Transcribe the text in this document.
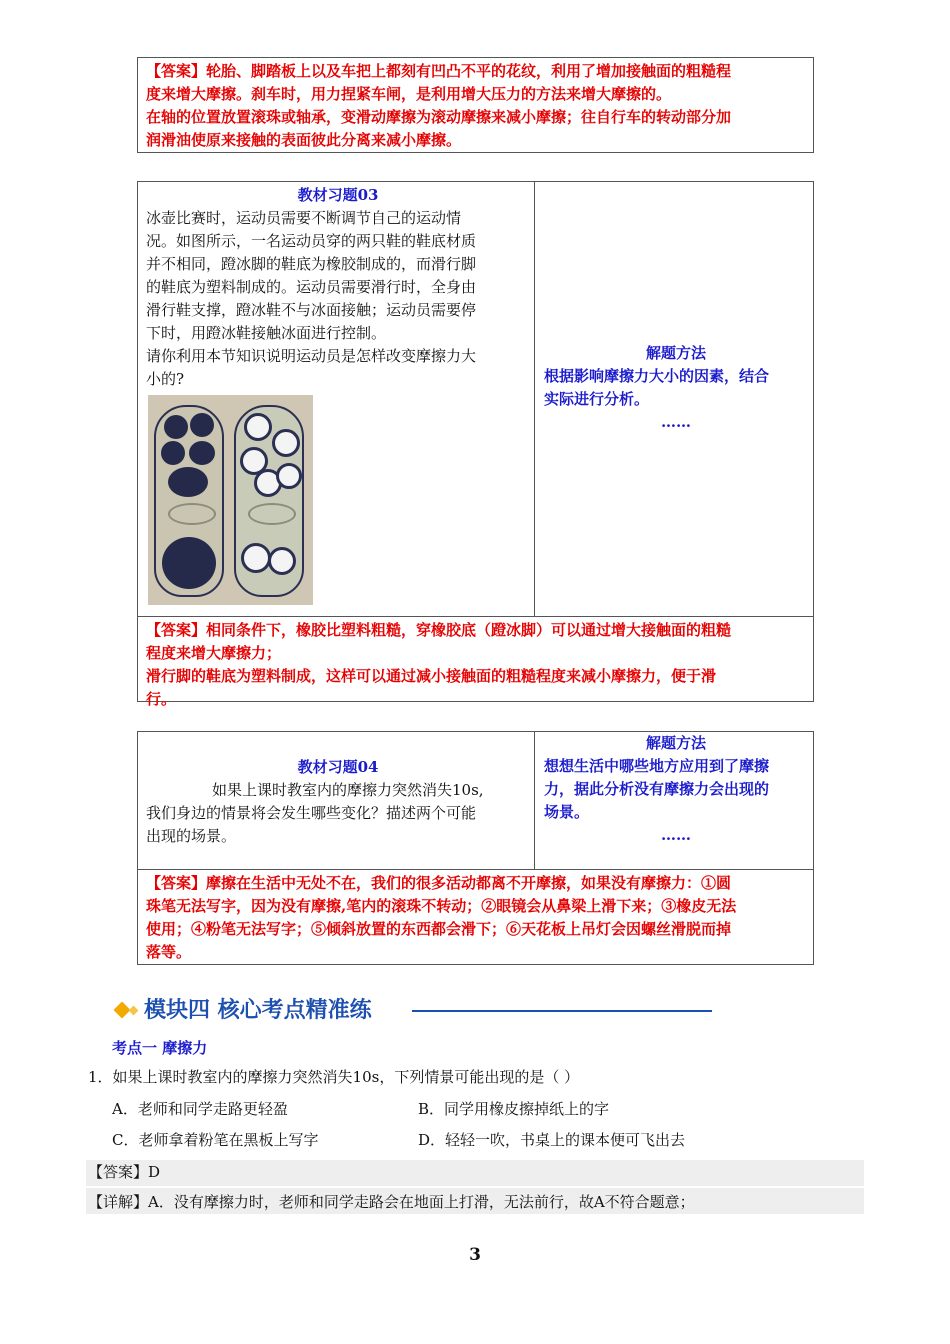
【答案】轮胎、脚踏板上以及车把上都刻有凹凸不平的花纹，利用了增加接触面的粗糙程
度来增大摩擦。刹车时，用力捏紧车闸，是利用增大压力的方法来增大摩擦的。
在轴的位置放置滚珠或轴承，变滑动摩擦为滚动摩擦来减小摩擦；往自行车的转动部分加
润滑油使原来接触的表面彼此分离来减小摩擦。
教材习题03
冰壶比赛时，运动员需要不断调节自己的运动情
况。如图所示，一名运动员穿的两只鞋的鞋底材质
并不相同，蹬冰脚的鞋底为橡胶制成的，而滑行脚
的鞋底为塑料制成的。运动员需要滑行时，全身由
滑行鞋支撑，蹬冰鞋不与冰面接触；运动员需要停
下时，用蹬冰鞋接触冰面进行控制。
请你利用本节知识说明运动员是怎样改变摩擦力大
小的?
解题方法
根据影响摩擦力大小的因素，结合
实际进行分析。
……
【答案】相同条件下，橡胶比塑料粗糙，穿橡胶底（蹬冰脚）可以通过增大接触面的粗糙
程度来增大摩擦力；
滑行脚的鞋底为塑料制成，这样可以通过减小接触面的粗糙程度来减小摩擦力，便于滑
行。
教材习题04
如果上课时教室内的摩擦力突然消失10s,
我们身边的情景将会发生哪些变化？描述两个可能
出现的场景。
解题方法
想想生活中哪些地方应用到了摩擦
力，据此分析没有摩擦力会出现的
场景。
……
【答案】摩擦在生活中无处不在，我们的很多活动都离不开摩擦，如果没有摩擦力：①圆
珠笔无法写字，因为没有摩擦,笔内的滚珠不转动；②眼镜会从鼻梁上滑下来；③橡皮无法
使用；④粉笔无法写字；⑤倾斜放置的东西都会滑下；⑥天花板上吊灯会因螺丝滑脱而掉
落等。
模块四 核心考点精准练
考点一 摩擦力
1．如果上课时教室内的摩擦力突然消失10s，下列情景可能出现的是（ ）
A．老师和同学走路更轻盈	B．同学用橡皮擦掉纸上的字
C．老师拿着粉笔在黑板上写字	D．轻轻一吹，书桌上的课本便可飞出去
【答案】D
【详解】A．没有摩擦力时，老师和同学走路会在地面上打滑，无法前行，故A不符合题意；
3
